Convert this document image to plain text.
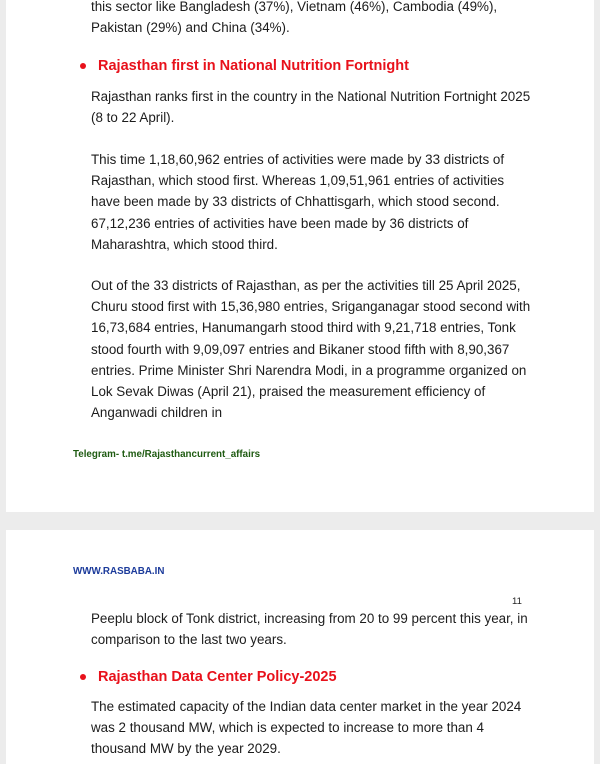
this sector like Bangladesh (37%), Vietnam (46%), Cambodia (49%), Pakistan (29%) and China (34%).

Rajasthan first in National Nutrition Fortnight

Rajasthan ranks first in the country in the National Nutrition Fortnight 2025 (8 to 22 April).

This time 1,18,60,962 entries of activities were made by 33 districts of Rajasthan, which stood first. Whereas 1,09,51,961 entries of activities have been made by 33 districts of Chhattisgarh, which stood second. 67,12,236 entries of activities have been made by 36 districts of Maharashtra, which stood third.

Out of the 33 districts of Rajasthan, as per the activities till 25 April 2025, Churu stood first with 15,36,980 entries, Sriganganagar stood second with 16,73,684 entries, Hanumangarh stood third with 9,21,718 entries, Tonk stood fourth with 9,09,097 entries and Bikaner stood fifth with 8,90,367 entries. Prime Minister Shri Narendra Modi, in a programme organized on Lok Sevak Diwas (April 21), praised the measurement efficiency of Anganwadi children in

Telegram- t.me/Rajasthancurrent_affairs
WWW.RASBABA.IN
11

Peeplu block of Tonk district, increasing from 20 to 99 percent this year, in comparison to the last two years.

Rajasthan Data Center Policy-2025

The estimated capacity of the Indian data center market in the year 2024 was 2 thousand MW, which is expected to increase to more than 4 thousand MW by the year 2029.
